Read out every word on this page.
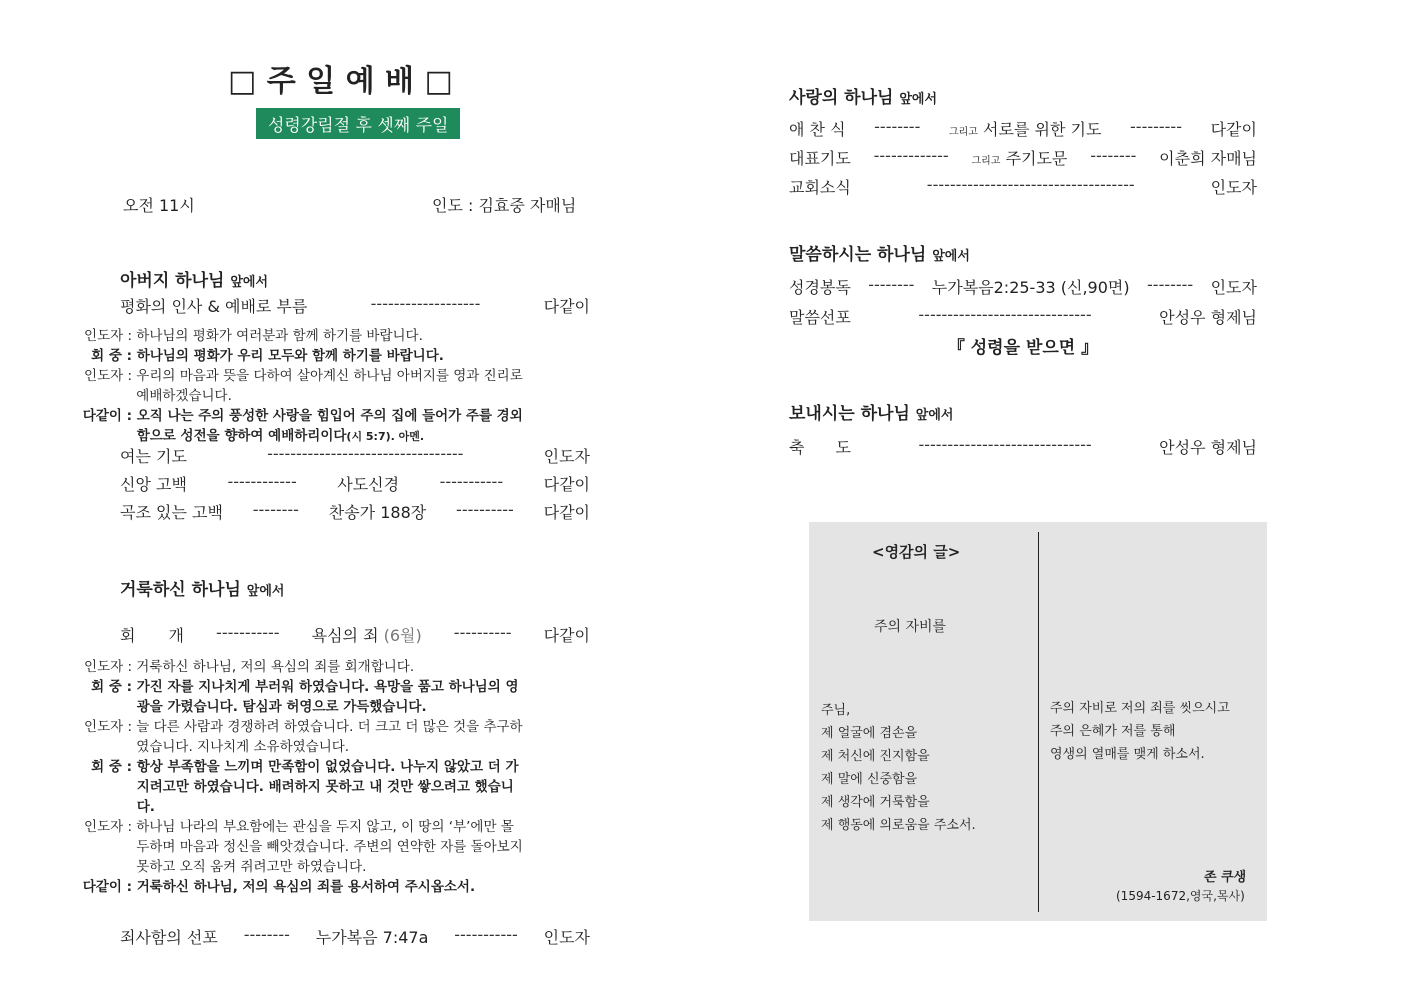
□ 주 일 예 배 □
성령강림절 후 셋째 주일
오전 11시	인도 : 김효중 자매님
아버지 하나님 앞에서
평화의 인사 & 예배로 부름	-------------------	다같이
인도자 : 하나님의 평화가 여러분과 함께 하기를 바랍니다.
회 중 : 하나님의 평화가 우리 모두와 함께 하기를 바랍니다.
인도자 : 우리의 마음과 뜻을 다하여 살아계신 하나님 아버지를 영과 진리로 예배하겠습니다.
다같이 : 오직 나는 주의 풍성한 사랑을 힘입어 주의 집에 들어가 주를 경외함으로 성전을 향하여 예배하리이다(시 5:7). 아멘.
여는 기도	----------------------------------	인도자
신앙 고백	------------	사도신경	-----------	다같이
곡조 있는 고백 -------- 찬송가 188장 ---------- 다같이
거룩하신 하나님 앞에서
회 개 ----------- 욕심의 죄 (6월) ---------- 다같이
인도자 : 거룩하신 하나님, 저의 욕심의 죄를 회개합니다.
회 중 : 가진 자를 지나치게 부러워 하였습니다. 욕망을 품고 하나님의 영광을 가렸습니다. 탐심과 허영으로 가득했습니다.
인도자 : 늘 다른 사람과 경쟁하려 하였습니다. 더 크고 더 많은 것을 추구하였습니다. 지나치게 소유하였습니다.
회 중 : 항상 부족함을 느끼며 만족함이 없었습니다. 나누지 않았고 더 가지려고만 하였습니다. 배려하지 못하고 내 것만 쌓으려고 했습니다.
인도자 : 하나님 나라의 부요함에는 관심을 두지 않고, 이 땅의 ‘부’에만 몰두하며 마음과 정신을 빼앗겼습니다. 주변의 연약한 자를 돌아보지 못하고 오직 움켜 쥐려고만 하였습니다.
다같이 : 거룩하신 하나님, 저의 욕심의 죄를 용서하여 주시옵소서.
죄사함의 선포 -------- 누가복음 7:47a ----------- 인도자
사랑의 하나님 앞에서
애 찬 식 --------	그리고 서로를 위한 기도 --------- 다같이
대표기도 ------------- 그리고 주기도문 -------- 이춘희 자매님
교회소식	------------------------------------	인도자
말씀하시는 하나님 앞에서
성경봉독 -------- 누가복음2:25-33 (신,90면) -------- 인도자
말씀선포	------------------------------	안성우 형제님
『 성령을 받으면 』
보내시는 하나님 앞에서
축 도	------------------------------	안성우 형제님
<영감의 글>
주의 자비를
주님,
제 얼굴에 겸손을
제 처신에 진지함을
제 말에 신중함을
제 생각에 거룩함을
제 행동에 의로움을 주소서.
주의 자비로 저의 죄를 씻으시고
주의 은혜가 저를 통해
영생의 열매를 맺게 하소서.
존 쿠생
(1594-1672,영국,목사)
